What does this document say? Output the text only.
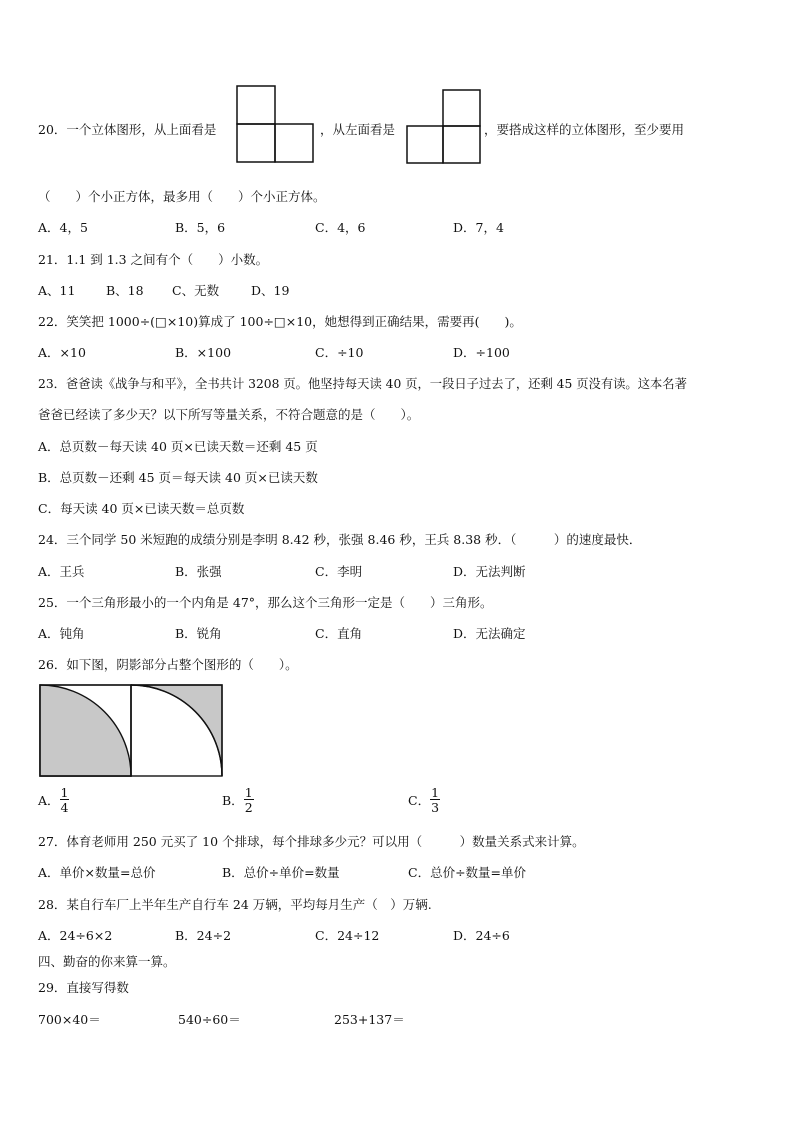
20．一个立体图形，从上面看是	，从左面看是	，要搭成这样的立体图形，至少要用
（　　）个小正方体，最多用（　　）个小正方体。
A．4，5	B．5，6	C．4，6	D．7，4
21．1.1 到 1.3 之间有个（　　）小数。
A、11 B、18 C、无数	D、19
22．笑笑把 1000÷(□×10)算成了 100÷□×10，她想得到正确结果，需要再(　　)。
A．×10	B．×100	C．÷10	D．÷100
23．爸爸读《战争与和平》，全书共计 3208 页。他坚持每天读 40 页，一段日子过去了，还剩 45 页没有读。这本名著
爸爸已经读了多少天？以下所写等量关系，不符合题意的是（　　）。
A．总页数－每天读 40 页×已读天数＝还剩 45 页
B．总页数－还剩 45 页＝每天读 40 页×已读天数
C．每天读 40 页×已读天数＝总页数
24．三个同学 50 米短跑的成绩分别是李明 8.42 秒，张强 8.46 秒，王兵 8.38 秒．（　　　）的速度最快．
A．王兵	B．张强	C．李明	D．无法判断
25．一个三角形最小的一个内角是 47°，那么这个三角形一定是（　　）三角形。
A．钝角	B．锐角	C．直角	D．无法确定
26．如下图，阴影部分占整个图形的（　　）。
A． $\frac{1}{4}$	B． $\frac{1}{2}$	C． $\frac{1}{3}$
27．体育老师用 250 元买了 10 个排球，每个排球多少元？可以用（　　　）数量关系式来计算。
A．单价×数量=总价	B．总价÷单价=数量	C．总价÷数量=单价
28．某自行车厂上半年生产自行车 24 万辆，平均每月生产（　）万辆.
A．24÷6×2	B．24÷2	C．24÷12	D．24÷6
四、勤奋的你来算一算。
29．直接写得数
700×40＝	540÷60＝	253+137＝
